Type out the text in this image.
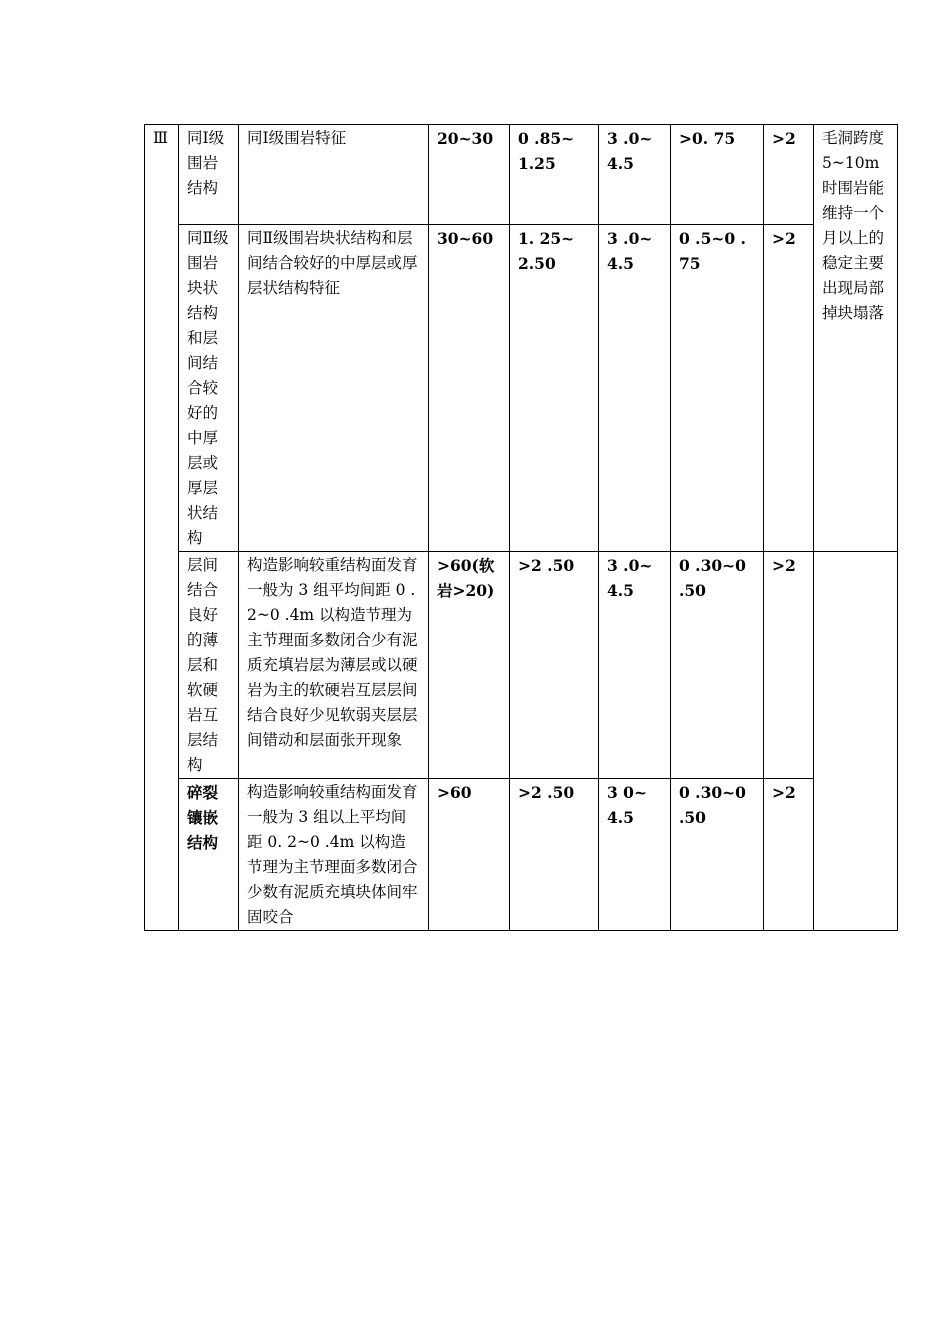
Ⅲ	同Ⅰ级围岩结构	同Ⅰ级围岩特征	20~30	0 .85~1.25	3 .0~4.5	>0. 75	>2	毛洞跨度 5~10m 时围岩能维持一个月以上的稳定主要出现局部掉块塌落
	同Ⅱ级围岩块状结构和层间结合较好的中厚层或厚层状结构	同Ⅱ级围岩块状结构和层间结合较好的中厚层或厚层状结构特征	30~60	1. 25~2.50	3 .0~4.5	0 .5~0 .75	>2	
	层间结合良好的薄层和软硬岩互层结构	构造影响较重结构面发育一般为 3 组平均间距 0 .2~0 .4m 以构造节理为主节理面多数闭合少有泥质充填岩层为薄层或以硬岩为主的软硬岩互层层间结合良好少见软弱夹层层间错动和层面张开现象	>60(软岩>20)	>2 .50	3 .0~4.5	0 .30~0 .50	>2	
	碎裂镶嵌结构	构造影响较重结构面发育一般为 3 组以上平均间距 0. 2~0 .4m 以构造节理为主节理面多数闭合少数有泥质充填块体间牢固咬合	>60	>2 .50	3 0~4.5	0 .30~0 .50	>2	
